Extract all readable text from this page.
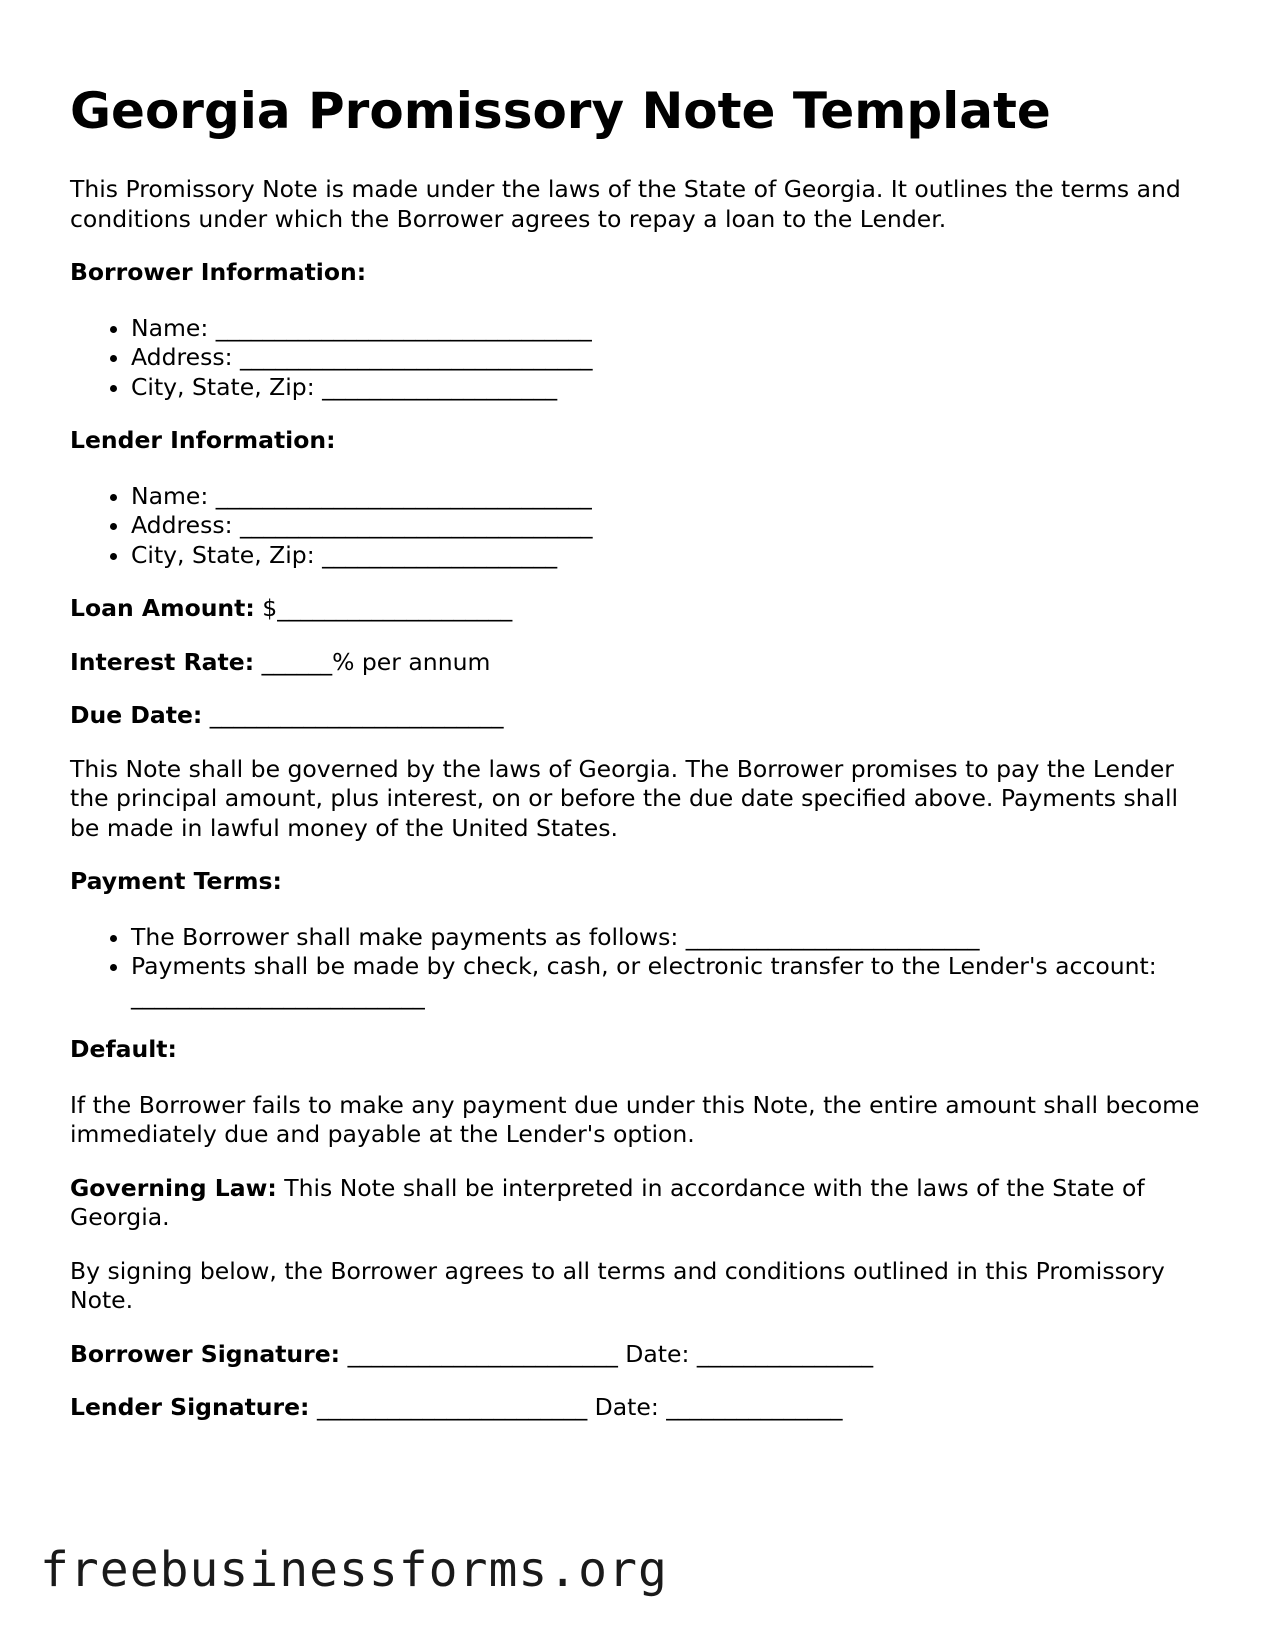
Georgia Promissory Note Template

This Promissory Note is made under the laws of the State of Georgia. It outlines the terms and conditions under which the Borrower agrees to repay a loan to the Lender.

Borrower Information:

• Name: ________________________________
• Address: ______________________________
• City, State, Zip: ____________________

Lender Information:

• Name: ________________________________
• Address: ______________________________
• City, State, Zip: ____________________

Loan Amount: $____________________

Interest Rate: ______% per annum

Due Date: _________________________

This Note shall be governed by the laws of Georgia. The Borrower promises to pay the Lender the principal amount, plus interest, on or before the due date specified above. Payments shall be made in lawful money of the United States.

Payment Terms:

• The Borrower shall make payments as follows: _________________________
• Payments shall be made by check, cash, or electronic transfer to the Lender's account: _________________________

Default:

If the Borrower fails to make any payment due under this Note, the entire amount shall become immediately due and payable at the Lender's option.

Governing Law: This Note shall be interpreted in accordance with the laws of the State of Georgia.

By signing below, the Borrower agrees to all terms and conditions outlined in this Promissory Note.

Borrower Signature: _______________________ Date: _______________

Lender Signature: _______________________ Date: _______________

freebusinessforms.org
